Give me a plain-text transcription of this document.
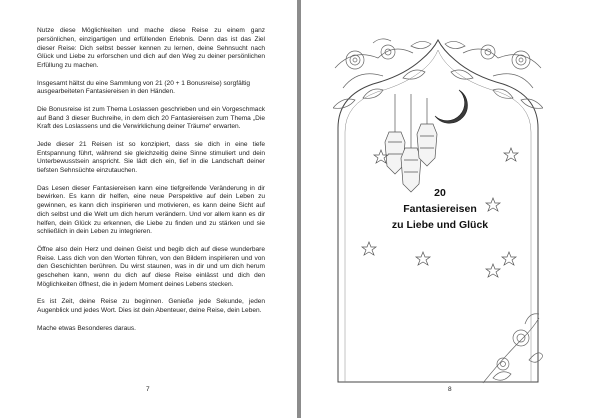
Nutze diese Möglichkeiten und mache diese Reise zu einem ganz persönlichen, einzigartigen und erfüllenden Erlebnis. Denn das ist das Ziel dieser Reise: Dich selbst besser kennen zu lernen, deine Sehnsucht nach Glück und Liebe zu erforschen und dich auf den Weg zu deiner persönlichen Erfüllung zu machen.

Insgesamt hältst du eine Sammlung von 21 (20 + 1 Bonusreise) sorgfältig ausgearbeiteten Fantasiereisen in den Händen.

Die Bonusreise ist zum Thema Loslassen geschrieben und ein Vorgeschmack auf Band 3 dieser Buchreihe, in dem dich 20 Fantasiereisen zum Thema „Die Kraft des Loslassens und die Verwirklichung deiner Träume“ erwarten.

Jede dieser 21 Reisen ist so konzipiert, dass sie dich in eine tiefe Entspannung führt, während sie gleichzeitig deine Sinne stimuliert und dein Unterbewusstsein anspricht. Sie lädt dich ein, tief in die Landschaft deiner tiefsten Sehnsüchte einzutauchen.

Das Lesen dieser Fantasiereisen kann eine tiefgreifende Veränderung in dir bewirken. Es kann dir helfen, eine neue Perspektive auf dein Leben zu gewinnen, es kann dich inspirieren und motivieren, es kann deine Sicht auf dich selbst und die Welt um dich herum verändern. Und vor allem kann es dir helfen, dein Glück zu erkennen, die Liebe zu finden und zu stärken und sie schließlich in dein Leben zu integrieren.

Öffne also dein Herz und deinen Geist und begib dich auf diese wunderbare Reise. Lass dich von den Worten führen, von den Bildern inspirieren und von den Geschichten berühren. Du wirst staunen, was in dir und um dich herum geschehen kann, wenn du dich auf diese Reise einlässt und dich den Möglichkeiten öffnest, die in jedem Moment deines Lebens stecken.

Es ist Zeit, deine Reise zu beginnen. Genieße jede Sekunde, jeden Augenblick und jedes Wort. Dies ist dein Abenteuer, deine Reise, dein Leben.

Mache etwas Besonderes daraus.

7
20
Fantasiereisen
zu Liebe und Glück
8
